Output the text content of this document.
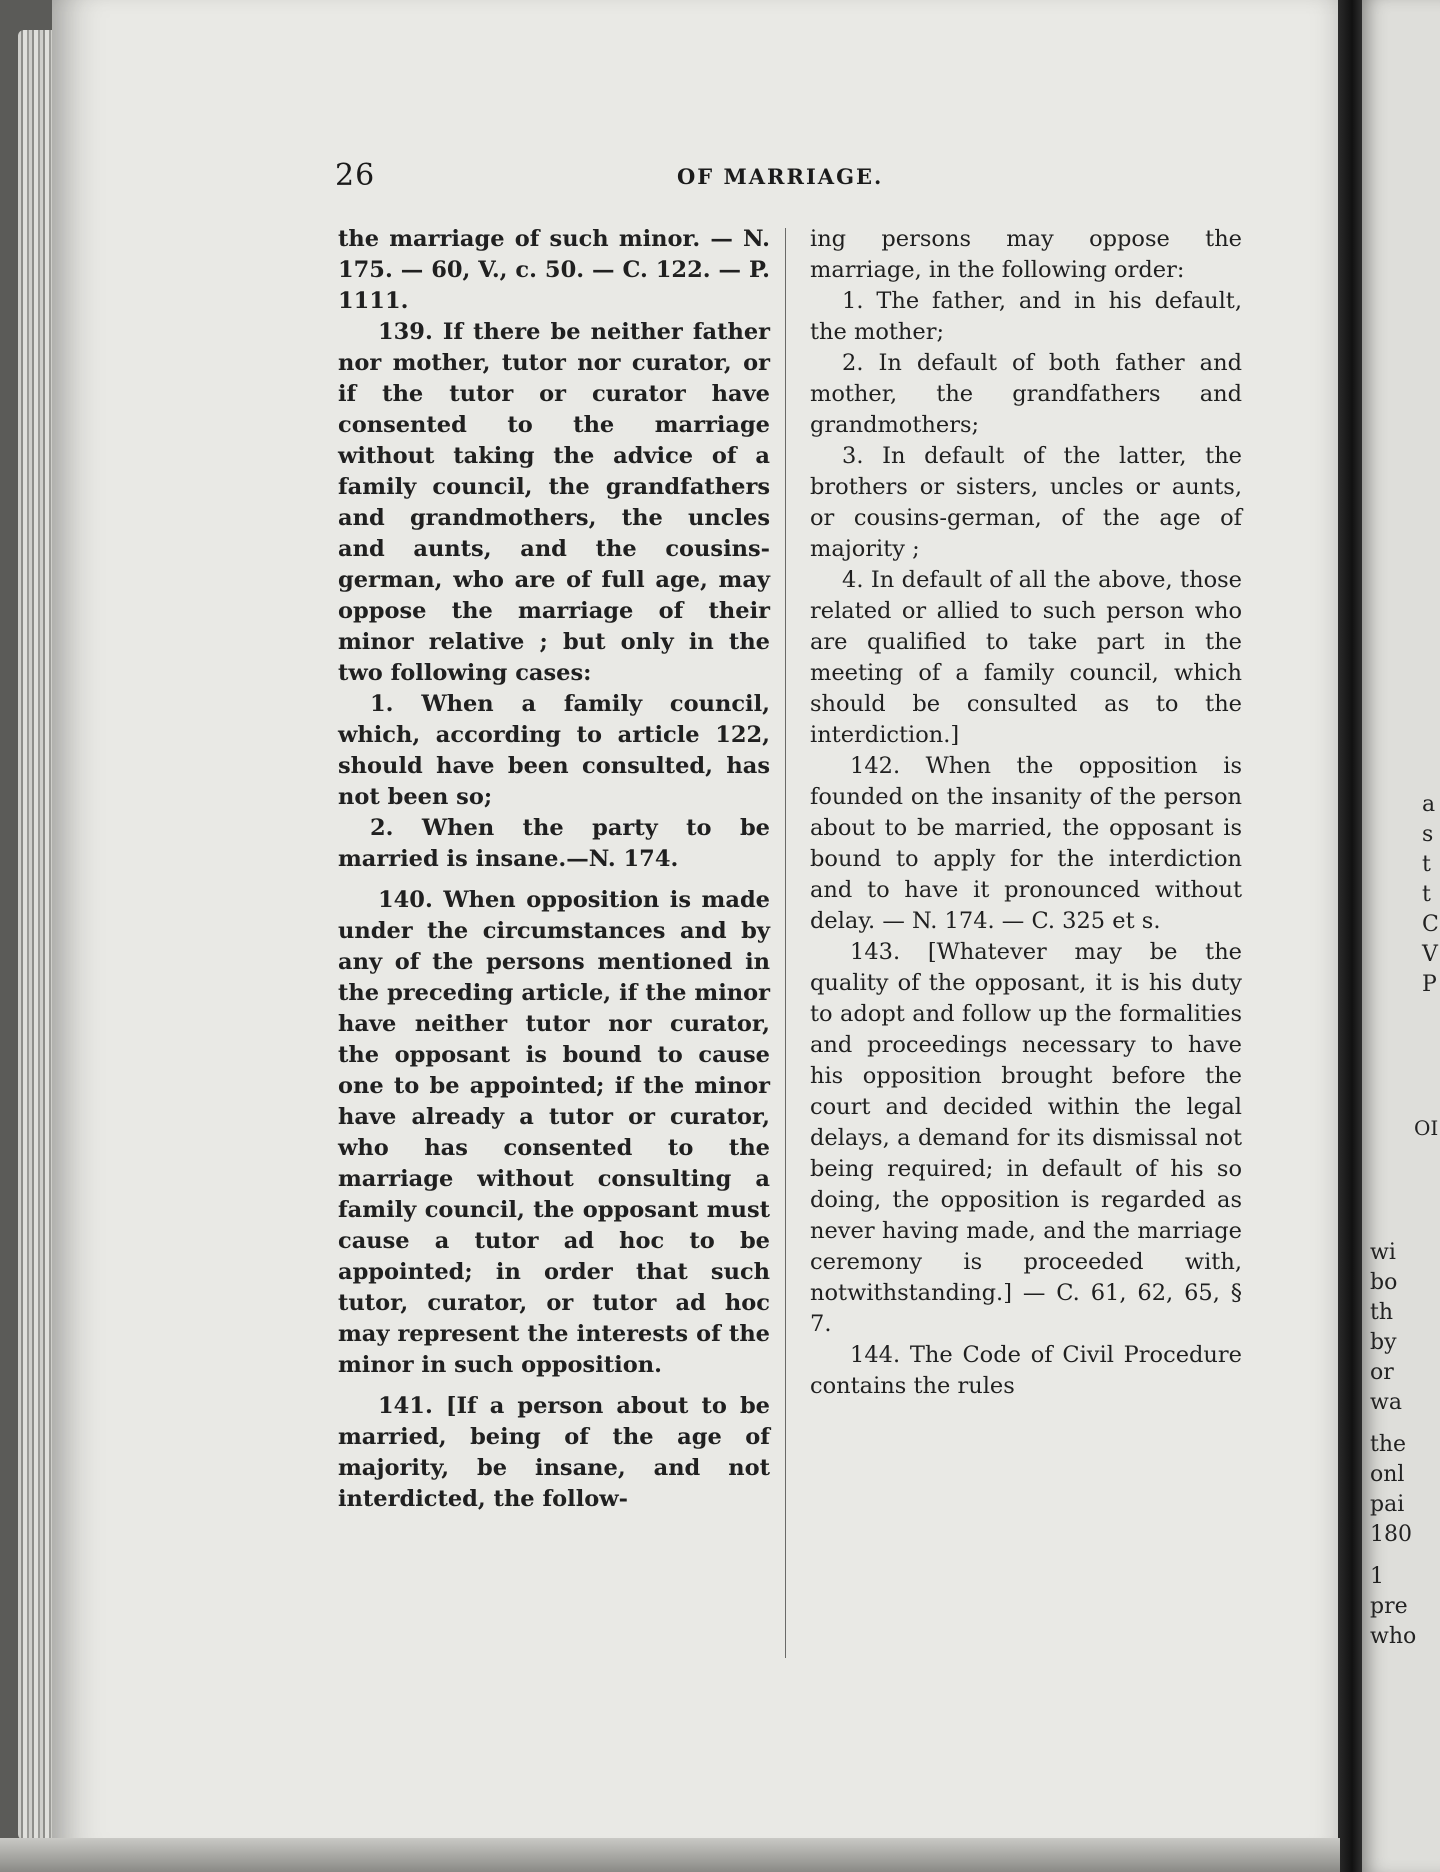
a
s
t
t
C
V
P
OI
wi
bo
th
by
or
wa
the
onl
pai
180
1
pre
who
26	OF MARRIAGE.

the marriage of such minor. — N. 175. — 60, V., c. 50. — C. 122. — P. 1111.

139. If there be neither father nor mother, tutor nor curator, or if the tutor or curator have consented to the marriage without taking the advice of a family council, the grandfathers and grandmothers, the uncles and aunts, and the cousins-german, who are of full age, may oppose the marriage of their minor relative ; but only in the two following cases:

1. When a family council, which, according to article 122, should have been consulted, has not been so;

2. When the party to be married is insane.—N. 174.

140. When opposition is made under the circumstances and by any of the persons mentioned in the preceding article, if the minor have neither tutor nor curator, the opposant is bound to cause one to be appointed; if the minor have already a tutor or curator, who has consented to the marriage without consulting a family council, the opposant must cause a tutor ad hoc to be appointed; in order that such tutor, curator, or tutor ad hoc may represent the interests of the minor in such opposition.

141. [If a person about to be married, being of the age of majority, be insane, and not interdicted, the follow-

ing persons may oppose the marriage, in the following order:

1. The father, and in his default, the mother;

2. In default of both father and mother, the grandfathers and grandmothers;

3. In default of the latter, the brothers or sisters, uncles or aunts, or cousins-german, of the age of majority ;

4. In default of all the above, those related or allied to such person who are qualified to take part in the meeting of a family council, which should be consulted as to the interdiction.]

142. When the opposition is founded on the insanity of the person about to be married, the opposant is bound to apply for the interdiction and to have it pronounced without delay. — N. 174. — C. 325 et s.

143. [Whatever may be the quality of the opposant, it is his duty to adopt and follow up the formalities and proceedings necessary to have his opposition brought before the court and decided within the legal delays, a demand for its dismissal not being required; in default of his so doing, the opposition is regarded as never having made, and the marriage ceremony is proceeded with, notwithstanding.] — C. 61, 62, 65, § 7.

144. The Code of Civil Procedure contains the rules
